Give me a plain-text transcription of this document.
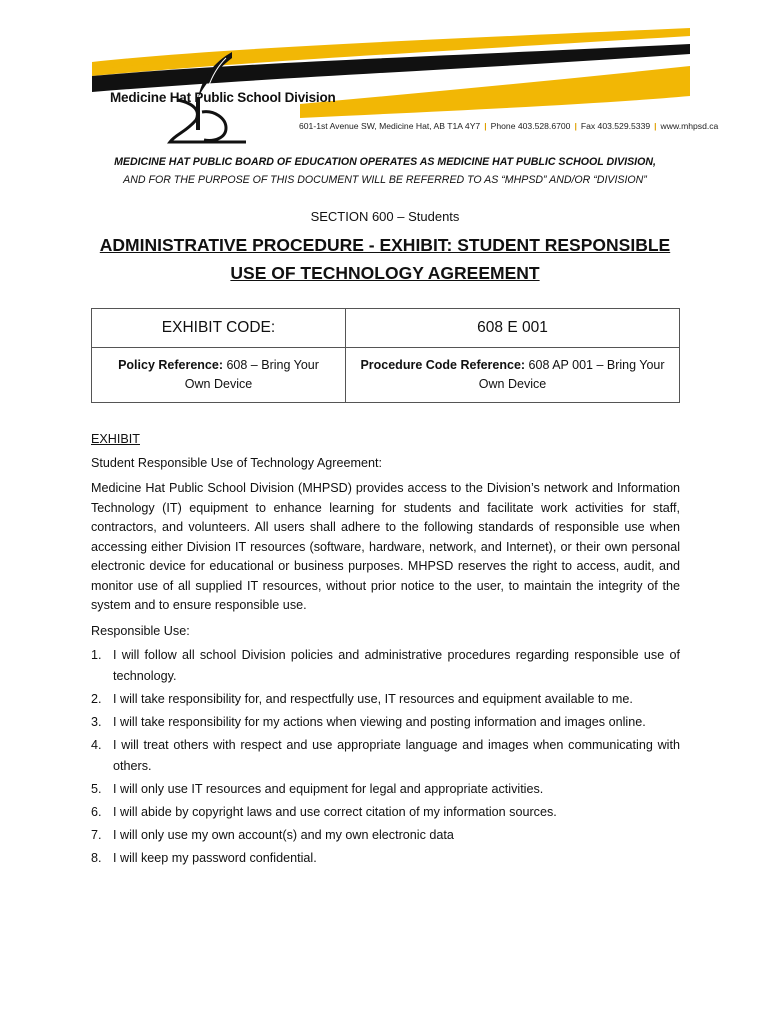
Medicine Hat Public School Division
601-1st Avenue SW, Medicine Hat, AB T1A 4Y7 | Phone 403.528.6700 | Fax 403.529.5339 | www.mhpsd.ca
MEDICINE HAT PUBLIC BOARD OF EDUCATION OPERATES AS MEDICINE HAT PUBLIC SCHOOL DIVISION,
AND FOR THE PURPOSE OF THIS DOCUMENT WILL BE REFERRED TO AS “MHPSD” AND/OR “DIVISION”
SECTION 600 – Students
ADMINISTRATIVE PROCEDURE - EXHIBIT: STUDENT RESPONSIBLE USE OF TECHNOLOGY AGREEMENT
EXHIBIT CODE:	608 E 001
Policy Reference: 608 – Bring Your Own Device	Procedure Code Reference: 608 AP 001 – Bring Your Own Device
EXHIBIT
Student Responsible Use of Technology Agreement:
Medicine Hat Public School Division (MHPSD) provides access to the Division’s network and Information Technology (IT) equipment to enhance learning for students and facilitate work activities for staff, contractors, and volunteers. All users shall adhere to the following standards of responsible use when accessing either Division IT resources (software, hardware, network, and Internet), or their own personal electronic device for educational or business purposes. MHPSD reserves the right to access, audit, and monitor use of all supplied IT resources, without prior notice to the user, to maintain the integrity of the system and to ensure responsible use.
Responsible Use:
1. I will follow all school Division policies and administrative procedures regarding responsible use of technology.
2. I will take responsibility for, and respectfully use, IT resources and equipment available to me.
3. I will take responsibility for my actions when viewing and posting information and images online.
4. I will treat others with respect and use appropriate language and images when communicating with others.
5. I will only use IT resources and equipment for legal and appropriate activities.
6. I will abide by copyright laws and use correct citation of my information sources.
7. I will only use my own account(s) and my own electronic data
8. I will keep my password confidential.
